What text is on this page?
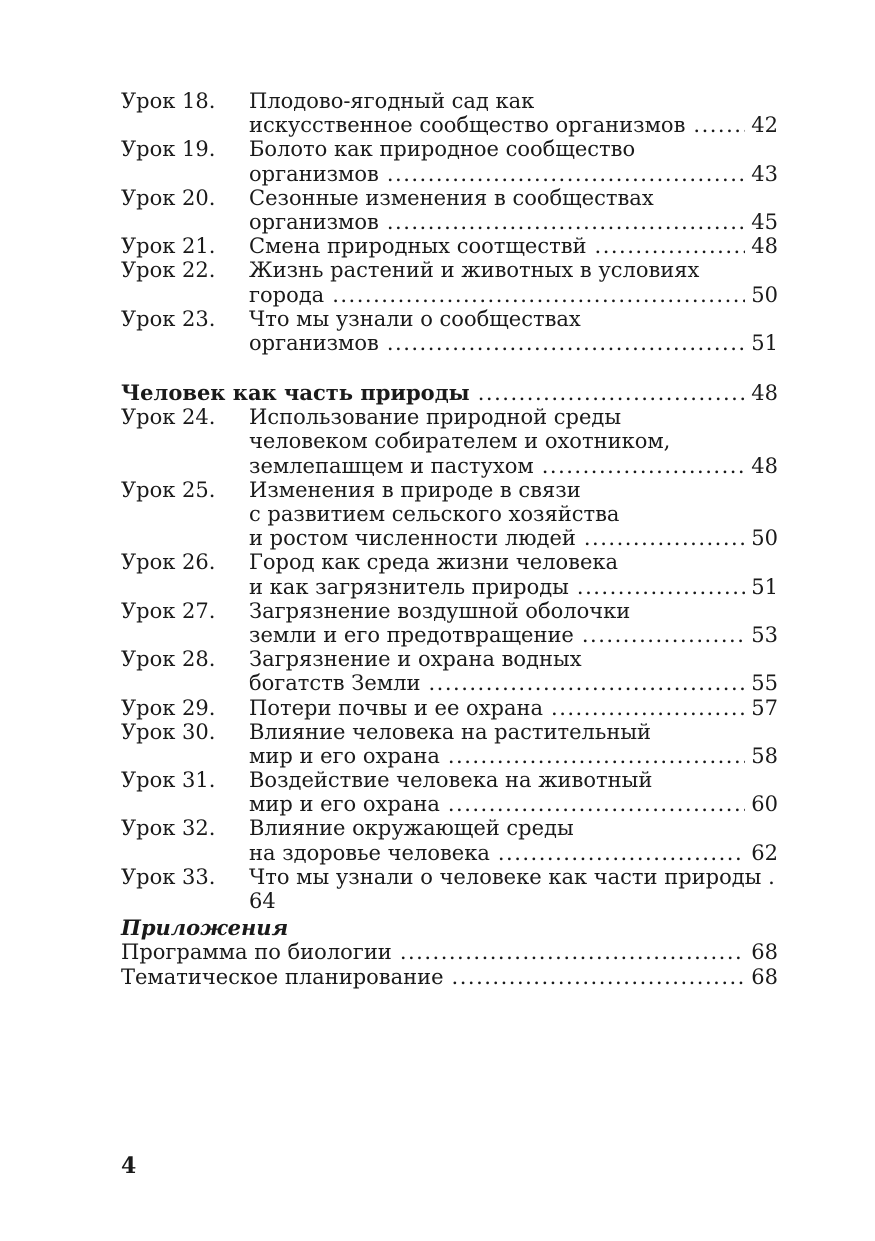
Урок 18. Плодово-ягодный сад как
искусственное сообщество организмов .....	42
Урок 19. Болото как природное сообщество
организмов .....	43
Урок 20. Сезонные изменения в сообществах
организмов .....	45
Урок 21. Смена природных соотществй .....	48
Урок 22. Жизнь растений и животных в условиях
города .....	50
Урок 23. Что мы узнали о сообществах
организмов .....	51
Человек как часть природы .....	48
Урок 24. Использование природной среды
человеком собирателем и охотником,
землепашцем и пастухом .....	48
Урок 25. Изменения в природе в связи
с развитием сельского хозяйства
и ростом численности людей .....	50
Урок 26. Город как среда жизни человека
и как загрязнитель природы .....	51
Урок 27. Загрязнение воздушной оболочки
земли и его предотвращение .....	53
Урок 28. Загрязнение и охрана водных
богатств Земли .....	55
Урок 29. Потери почвы и ее охрана .....	57
Урок 30. Влияние человека на растительный
мир и его охрана .....	58
Урок 31. Воздействие человека на животный
мир и его охрана .....	60
Урок 32. Влияние окружающей среды
на здоровье человека .....	62
Урок 33. Что мы узнали о человеке как части природы .
64
Приложения
Программа по биологии .....	68
Тематическое планирование .....	68
4
